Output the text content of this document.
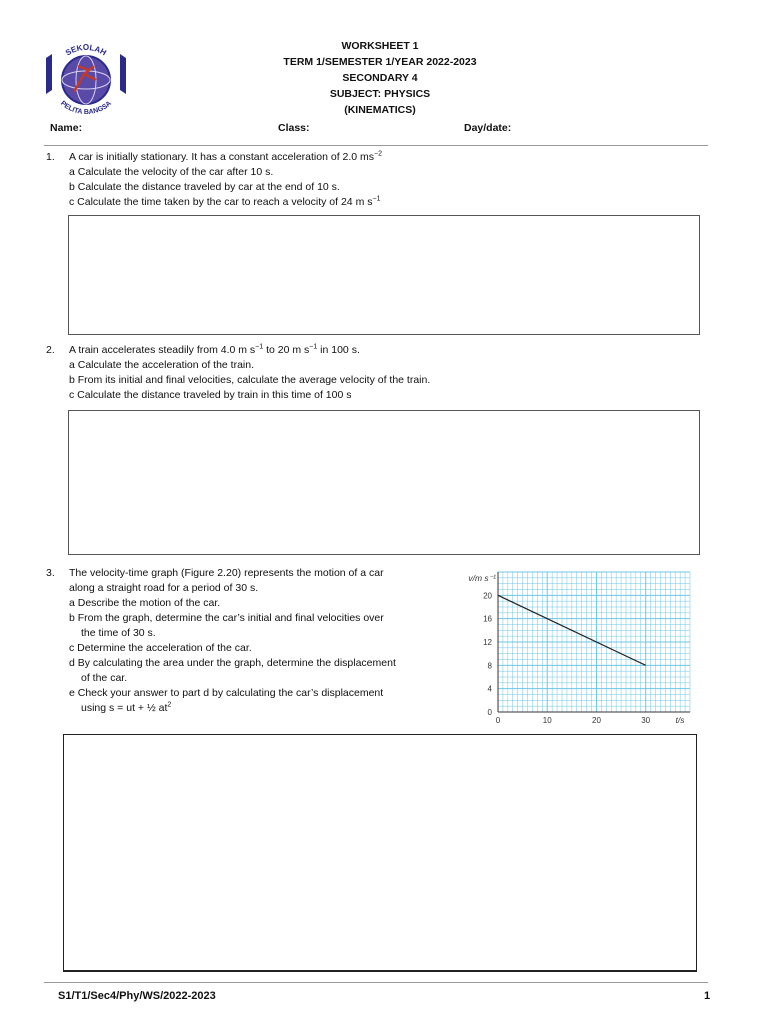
SEKOLAH
PELITA BANGSA
WORKSHEET 1
TERM 1/SEMESTER 1/YEAR 2022-2023
SECONDARY 4
SUBJECT: PHYSICS
(KINEMATICS)
Name:	Class:	Day/date:
1. A car is initially stationary. It has a constant acceleration of 2.0 $ms^{-2}$
a Calculate the velocity of the car after 10 s.
b Calculate the distance traveled by car at the end of 10 s.
c Calculate the time taken by the car to reach a velocity of 24 m $s^{-1}$
2. A train accelerates steadily from 4.0 m $s^{-1}$ to 20 m $s^{-1}$ in 100 s.
a Calculate the acceleration of the train.
b From its initial and final velocities, calculate the average velocity of the train.
c Calculate the distance traveled by train in this time of 100 s
3. The velocity-time graph (Figure 2.20) represents the motion of a car
along a straight road for a period of 30 s.
a Describe the motion of the car.
b From the graph, determine the car’s initial and final velocities over
the time of 30 s.
c Determine the acceleration of the car.
d By calculating the area under the graph, determine the displacement
of the car.
e Check your answer to part d by calculating the car’s displacement
using s = ut + ½ $at^2$
0	10	20	30
0
4
8
12
16
20
v/m s⁻¹
t/s
S1/T1/Sec4/Phy/WS/2022-2023	1
